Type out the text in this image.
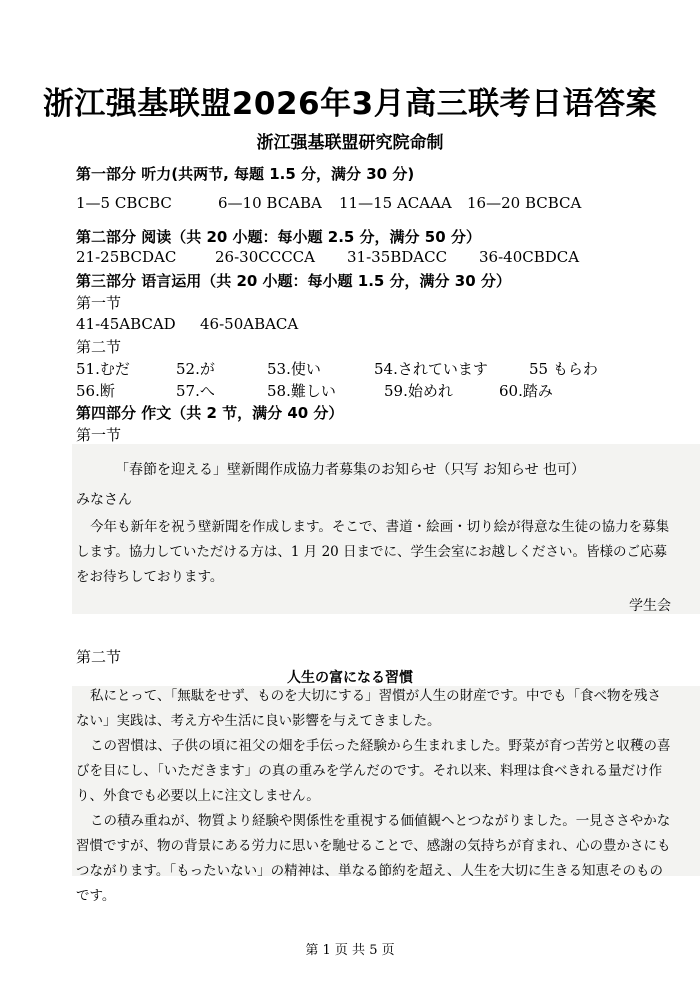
浙江强基联盟2026年3月高三联考日语答案
浙江强基联盟研究院命制
第一部分 听力(共两节, 每题 1.5 分，满分 30 分)
1—5 CBCBC	6—10 BCABA 11—15 ACAAA 16—20 BCBCA
第二部分 阅读（共 20 小题：每小题 2.5 分，满分 50 分）
21-25BCDAC	26-30CCCCA 31-35BDACC 36-40CBDCA
第三部分 语言运用（共 20 小题：每小题 1.5 分，满分 30 分）
第一节
41-45ABCAD 46-50ABACA
第二节
51.むだ	52.が	53.使い	54.されています	55 もらわ
56.断	57.へ	58.難しい	59.始めれ	60.踏み
第四部分 作文（共 2 节，满分 40 分）
第一节
「春節を迎える」壁新聞作成協力者募集のお知らせ（只写 お知らせ 也可）
みなさん
今年も新年を祝う壁新聞を作成します。そこで、書道・絵画・切り絵が得意な生徒の協力を募集します。協力していただける方は、1 月 20 日までに、学生会室にお越しください。皆様のご応募をお待ちしております。
学生会
第二节
人生の富になる習慣
私にとって、「無駄をせず、ものを大切にする」習慣が人生の財産です。中でも「食べ物を残さない」実践は、考え方や生活に良い影響を与えてきました。
この習慣は、子供の頃に祖父の畑を手伝った経験から生まれました。野菜が育つ苦労と収穫の喜びを目にし、「いただきます」の真の重みを学んだのです。それ以来、料理は食べきれる量だけ作り、外食でも必要以上に注文しません。
この積み重ねが、物質より経験や関係性を重視する価値観へとつながりました。一見ささやかな習慣ですが、物の背景にある労力に思いを馳せることで、感謝の気持ちが育まれ、心の豊かさにもつながります。「もったいない」の精神は、単なる節約を超え、人生を大切に生きる知恵そのものです。
第 1 页 共 5 页
